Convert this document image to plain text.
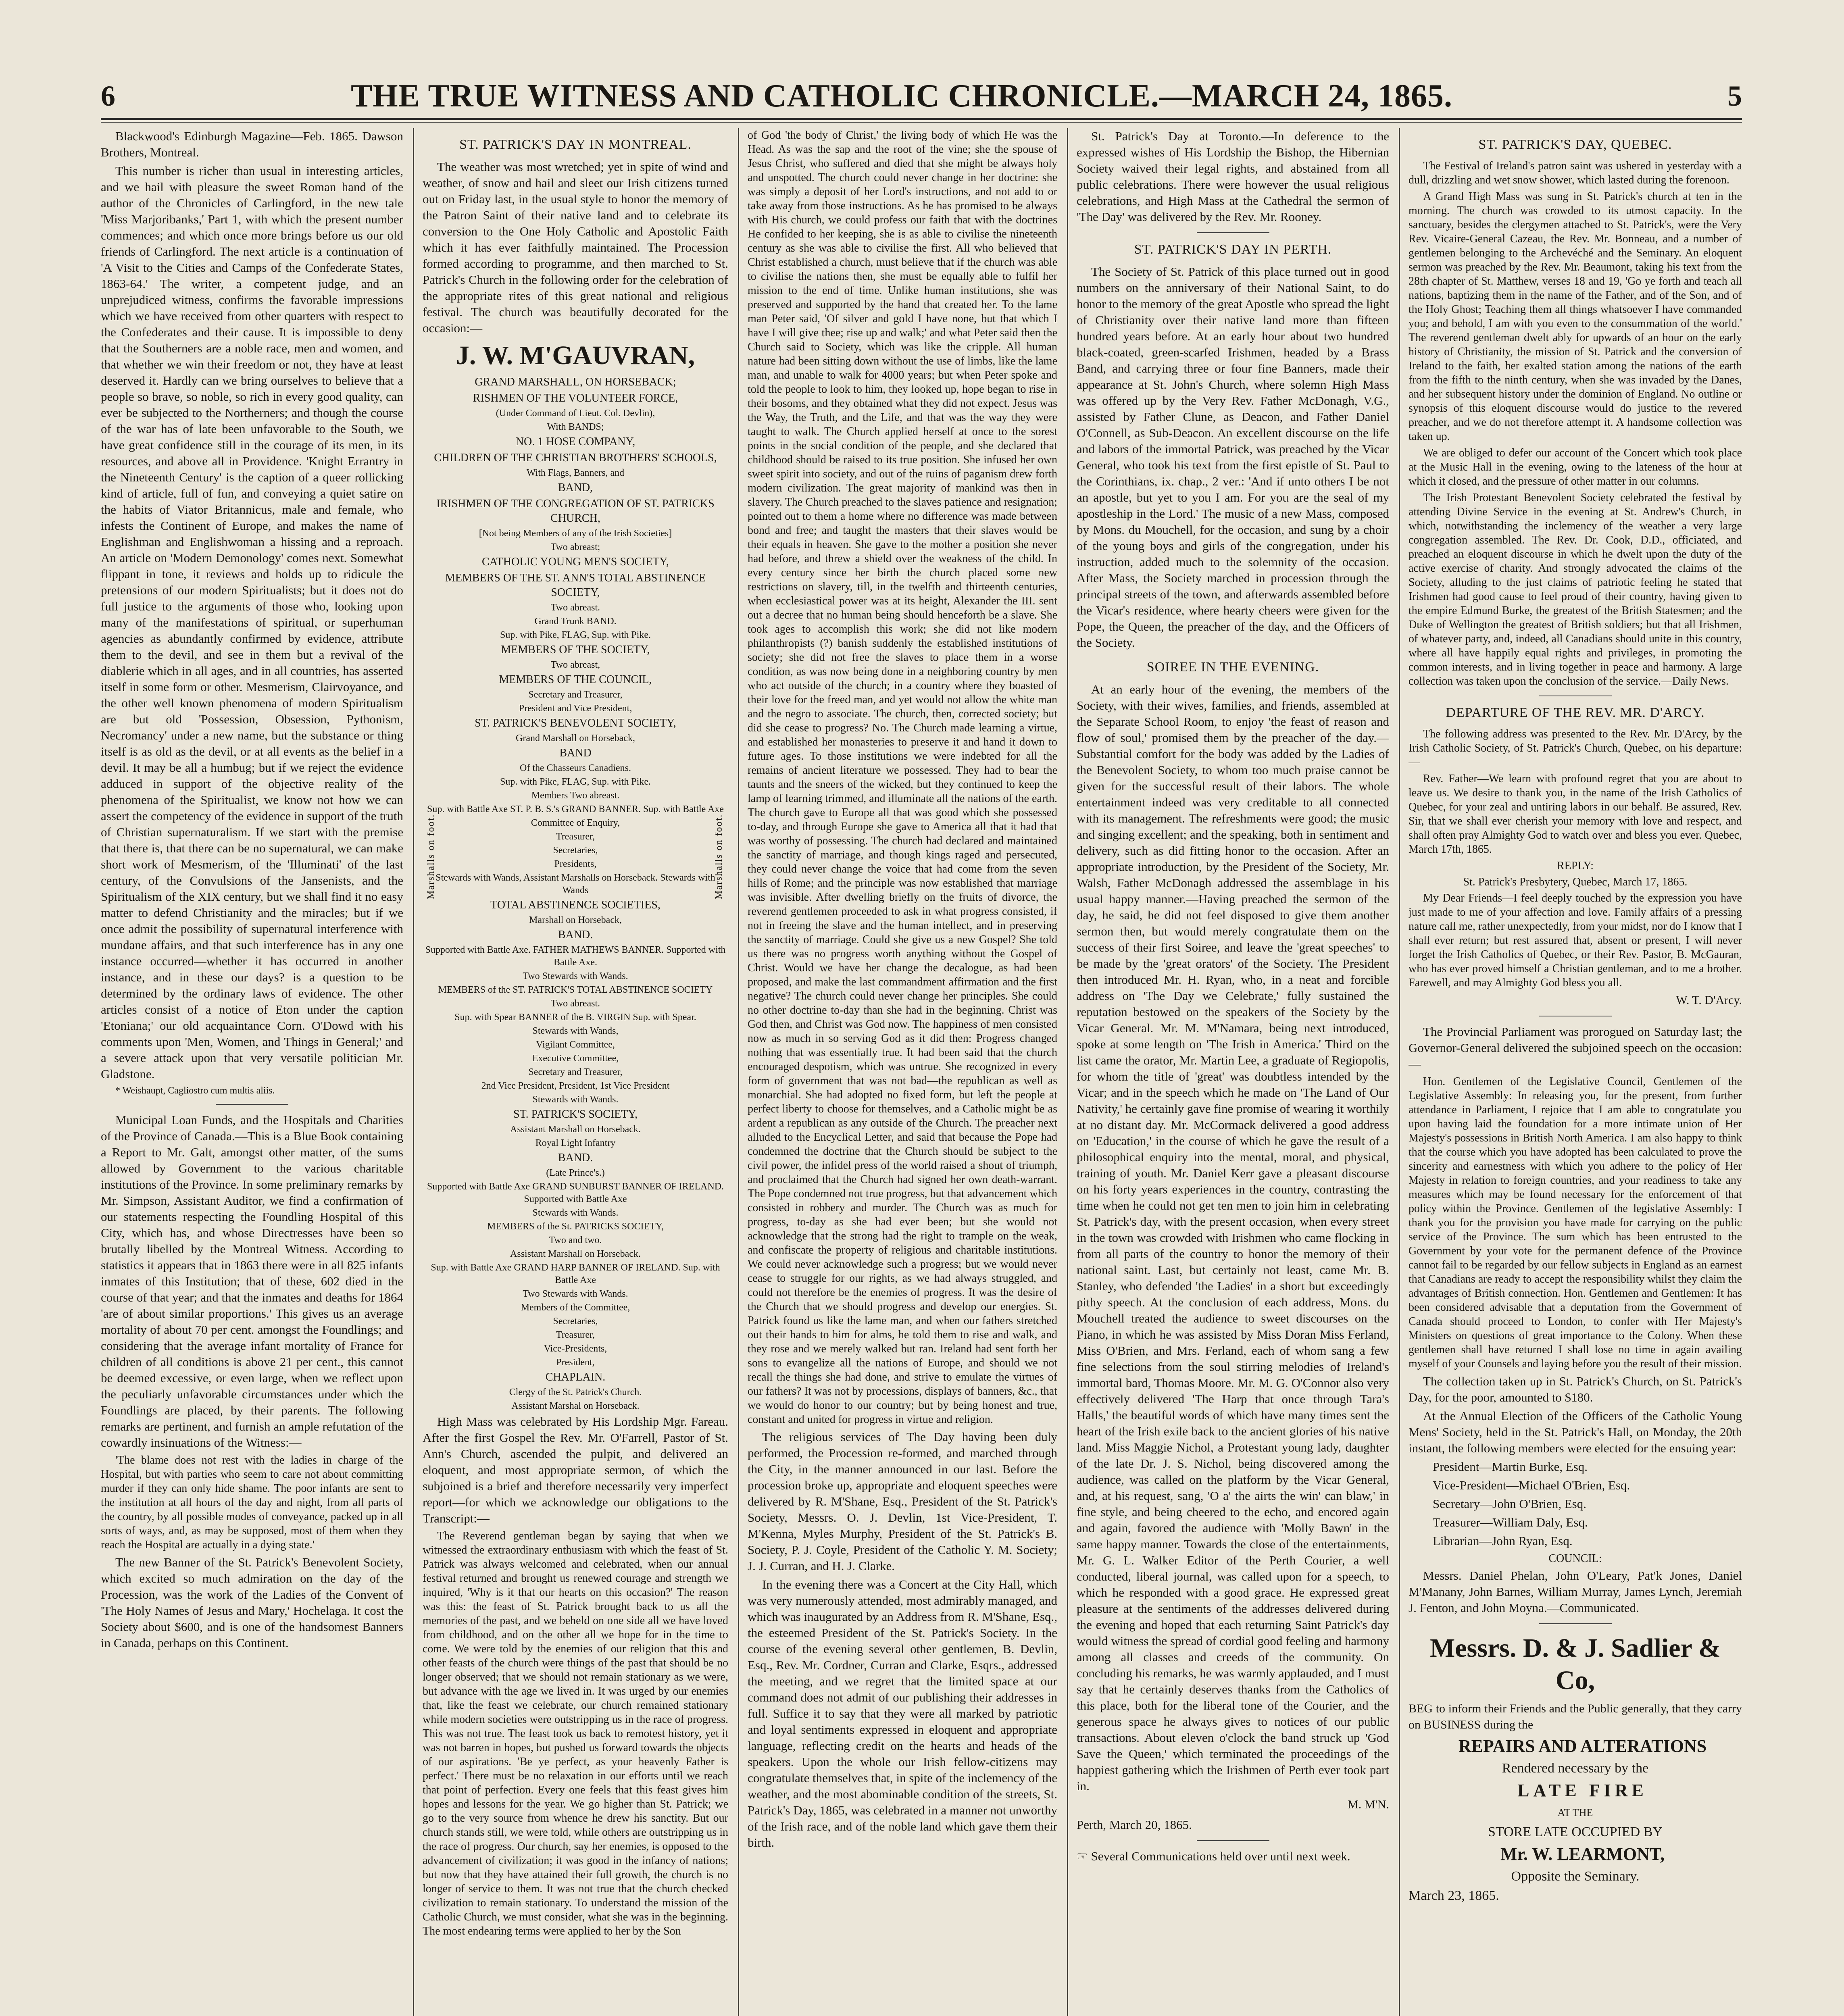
6	THE TRUE WITNESS AND CATHOLIC CHRONICLE.—MARCH 24, 1865.	5

Blackwood's Edinburgh Magazine—Feb. 1865. Dawson Brothers, Montreal.

This number is richer than usual in interesting articles, and we hail with pleasure the sweet Roman hand of the author of the Chronicles of Carlingford, in the new tale 'Miss Marjoribanks,' Part 1, with which the present number commences; and which once more brings before us our old friends of Carlingford. The next article is a continuation of 'A Visit to the Cities and Camps of the Confederate States, 1863-64.' The writer, a competent judge, and an unprejudiced witness, confirms the favorable impressions which we have received from other quarters with respect to the Confederates and their cause. It is impossible to deny that the Southerners are a noble race, men and women, and that whether we win their freedom or not, they have at least deserved it. Hardly can we bring ourselves to believe that a people so brave, so noble, so rich in every good quality, can ever be subjected to the Northerners; and though the course of the war has of late been unfavorable to the South, we have great confidence still in the courage of its men, in its resources, and above all in Providence. 'Knight Errantry in the Nineteenth Century' is the caption of a queer rollicking kind of article, full of fun, and conveying a quiet satire on the habits of Viator Britannicus, male and female, who infests the Continent of Europe, and makes the name of Englishman and Englishwoman a hissing and a reproach. An article on 'Modern Demonology' comes next. Somewhat flippant in tone, it reviews and holds up to ridicule the pretensions of our modern Spiritualists; but it does not do full justice to the arguments of those who, looking upon many of the manifestations of spiritual, or superhuman agencies as abundantly confirmed by evidence, attribute them to the devil, and see in them but a revival of the diablerie which in all ages, and in all countries, has asserted itself in some form or other. Mesmerism, Clairvoyance, and the other well known phenomena of modern Spiritualism are but old 'Possession, Obsession, Pythonism, Necromancy' under a new name, but the substance or thing itself is as old as the devil, or at all events as the belief in a devil. It may be all a humbug; but if we reject the evidence adduced in support of the objective reality of the phenomena of the Spiritualist, we know not how we can assert the competency of the evidence in support of the truth of Christian supernaturalism. If we start with the premise that there is, that there can be no supernatural, we can make short work of Mesmerism, of the 'Illuminati' of the last century, of the Convulsions of the Jansenists, and the Spiritualism of the XIX century, but we shall find it no easy matter to defend Christianity and the miracles; but if we once admit the possibility of supernatural interference with mundane affairs, and that such interference has in any one instance occurred—whether it has occurred in another instance, and in these our days? is a question to be determined by the ordinary laws of evidence. The other articles consist of a notice of Eton under the caption 'Etoniana;' our old acquaintance Corn. O'Dowd with his comments upon 'Men, Women, and Things in General;' and a severe attack upon that very versatile politician Mr. Gladstone.

* Weishaupt, Cagliostro cum multis aliis.

Municipal Loan Funds, and the Hospitals and Charities of the Province of Canada.—This is a Blue Book containing a Report to Mr. Galt, amongst other matter, of the sums allowed by Government to the various charitable institutions of the Province. In some preliminary remarks by Mr. Simpson, Assistant Auditor, we find a confirmation of our statements respecting the Foundling Hospital of this City, which has, and whose Directresses have been so brutally libelled by the Montreal Witness. According to statistics it appears that in 1863 there were in all 825 infants inmates of this Institution; that of these, 602 died in the course of that year; and that the inmates and deaths for 1864 'are of about similar proportions.' This gives us an average mortality of about 70 per cent. amongst the Foundlings; and considering that the average infant mortality of France for children of all conditions is above 21 per cent., this cannot be deemed excessive, or even large, when we reflect upon the peculiarly unfavorable circumstances under which the Foundlings are placed, by their parents. The following remarks are pertinent, and furnish an ample refutation of the cowardly insinuations of the Witness:—

'The blame does not rest with the ladies in charge of the Hospital, but with parties who seem to care not about committing murder if they can only hide shame. The poor infants are sent to the institution at all hours of the day and night, from all parts of the country, by all possible modes of conveyance, packed up in all sorts of ways, and, as may be supposed, most of them when they reach the Hospital are actually in a dying state.'

The new Banner of the St. Patrick's Benevolent Society, which excited so much admiration on the day of the Procession, was the work of the Ladies of the Convent of 'The Holy Names of Jesus and Mary,' Hochelaga. It cost the Society about $600, and is one of the handsomest Banners in Canada, perhaps on this Continent.

ST. PATRICK'S DAY IN MONTREAL.

The weather was most wretched; yet in spite of wind and weather, of snow and hail and sleet our Irish citizens turned out on Friday last, in the usual style to honor the memory of the Patron Saint of their native land and to celebrate its conversion to the One Holy Catholic and Apostolic Faith which it has ever faithfully maintained. The Procession formed according to programme, and then marched to St. Patrick's Church in the following order for the celebration of the appropriate rites of this great national and religious festival. The church was beautifully decorated for the occasion:—

J. W. M'GAUVRAN,
Marshalls on foot.	Marshalls on foot.

GRAND MARSHALL, ON HORSEBACK;

RISHMEN OF THE VOLUNTEER FORCE,

(Under Command of Lieut. Col. Devlin),

With BANDS;

NO. 1 HOSE COMPANY,

CHILDREN OF THE CHRISTIAN BROTHERS' SCHOOLS,

With Flags, Banners, and

BAND,

IRISHMEN OF THE CONGREGATION OF ST. PATRICKS CHURCH,

[Not being Members of any of the Irish Societies]

Two abreast;

CATHOLIC YOUNG MEN'S SOCIETY,

MEMBERS OF THE ST. ANN'S TOTAL ABSTINENCE SOCIETY,

Two abreast.

Grand Trunk BAND.

Sup. with Pike, FLAG, Sup. with Pike.

MEMBERS OF THE SOCIETY,

Two abreast,

MEMBERS OF THE COUNCIL,

Secretary and Treasurer,

President and Vice President,

ST. PATRICK'S BENEVOLENT SOCIETY,

Grand Marshall on Horseback,

BAND

Of the Chasseurs Canadiens.

Sup. with Pike, FLAG, Sup. with Pike.

Members Two abreast.

Sup. with Battle Axe ST. P. B. S.'s GRAND BANNER. Sup. with Battle Axe

Committee of Enquiry,

Treasurer,

Secretaries,

Presidents,

Stewards with Wands, Assistant Marshalls on Horseback. Stewards with Wands

TOTAL ABSTINENCE SOCIETIES,

Marshall on Horseback,

BAND.

Supported with Battle Axe. FATHER MATHEWS BANNER. Supported with Battle Axe.

Two Stewards with Wands.

MEMBERS of the ST. PATRICK'S TOTAL ABSTINENCE SOCIETY

Two abreast.

Sup. with Spear BANNER of the B. VIRGIN Sup. with Spear.

Stewards with Wands,

Vigilant Committee,

Executive Committee,

Secretary and Treasurer,

2nd Vice President, President, 1st Vice President

Stewards with Wands.

ST. PATRICK'S SOCIETY,

Assistant Marshall on Horseback.

Royal Light Infantry

BAND.

(Late Prince's.)

Supported with Battle Axe GRAND SUNBURST BANNER OF IRELAND. Supported with Battle Axe

Stewards with Wands.

MEMBERS of the St. PATRICKS SOCIETY,

Two and two.

Assistant Marshall on Horseback.

Sup. with Battle Axe GRAND HARP BANNER OF IRELAND. Sup. with Battle Axe

Two Stewards with Wands.

Members of the Committee,

Secretaries,

Treasurer,

Vice-Presidents,

President,

CHAPLAIN.

Clergy of the St. Patrick's Church.

Assistant Marshal on Horseback.

High Mass was celebrated by His Lordship Mgr. Fareau. After the first Gospel the Rev. Mr. O'Farrell, Pastor of St. Ann's Church, ascended the pulpit, and delivered an eloquent, and most appropriate sermon, of which the subjoined is a brief and therefore necessarily very imperfect report—for which we acknowledge our obligations to the Transcript:—

The Reverend gentleman began by saying that when we witnessed the extraordinary enthusiasm with which the feast of St. Patrick was always welcomed and celebrated, when our annual festival returned and brought us renewed courage and strength we inquired, 'Why is it that our hearts on this occasion?' The reason was this: the feast of St. Patrick brought back to us all the memories of the past, and we beheld on one side all we have loved from childhood, and on the other all we hope for in the time to come. We were told by the enemies of our religion that this and other feasts of the church were things of the past that should be no longer observed; that we should not remain stationary as we were, but advance with the age we lived in. It was urged by our enemies that, like the feast we celebrate, our church remained stationary while modern societies were outstripping us in the race of progress. This was not true. The feast took us back to remotest history, yet it was not barren in hopes, but pushed us forward towards the objects of our aspirations. 'Be ye perfect, as your heavenly Father is perfect.' There must be no relaxation in our efforts until we reach that point of perfection. Every one feels that this feast gives him hopes and lessons for the year. We go higher than St. Patrick; we go to the very source from whence he drew his sanctity. But our church stands still, we were told, while others are outstripping us in the race of progress. Our church, say her enemies, is opposed to the advancement of civilization; it was good in the infancy of nations; but now that they have attained their full growth, the church is no longer of service to them. It was not true that the church checked civilization to remain stationary. To understand the mission of the Catholic Church, we must consider, what she was in the beginning. The most endearing terms were applied to her by the Son

of God 'the body of Christ,' the living body of which He was the Head. As was the sap and the root of the vine; she the spouse of Jesus Christ, who suffered and died that she might be always holy and unspotted. The church could never change in her doctrine: she was simply a deposit of her Lord's instructions, and not add to or take away from those instructions. As he has promised to be always with His church, we could profess our faith that with the doctrines He confided to her keeping, she is as able to civilise the nineteenth century as she was able to civilise the first. All who believed that Christ established a church, must believe that if the church was able to civilise the nations then, she must be equally able to fulfil her mission to the end of time. Unlike human institutions, she was preserved and supported by the hand that created her. To the lame man Peter said, 'Of silver and gold I have none, but that which I have I will give thee; rise up and walk;' and what Peter said then the Church said to Society, which was like the cripple. All human nature had been sitting down without the use of limbs, like the lame man, and unable to walk for 4000 years; but when Peter spoke and told the people to look to him, they looked up, hope began to rise in their bosoms, and they obtained what they did not expect. Jesus was the Way, the Truth, and the Life, and that was the way they were taught to walk. The Church applied herself at once to the sorest points in the social condition of the people, and she declared that childhood should be raised to its true position. She infused her own sweet spirit into society, and out of the ruins of paganism drew forth modern civilization. The great majority of mankind was then in slavery. The Church preached to the slaves patience and resignation; pointed out to them a home where no difference was made between bond and free; and taught the masters that their slaves would be their equals in heaven. She gave to the mother a position she never had before, and threw a shield over the weakness of the child. In every century since her birth the church placed some new restrictions on slavery, till, in the twelfth and thirteenth centuries, when ecclesiastical power was at its height, Alexander the III. sent out a decree that no human being should henceforth be a slave. She took ages to accomplish this work; she did not like modern philanthropists (?) banish suddenly the established institutions of society; she did not free the slaves to place them in a worse condition, as was now being done in a neighboring country by men who act outside of the church; in a country where they boasted of their love for the freed man, and yet would not allow the white man and the negro to associate. The church, then, corrected society; but did she cease to progress? No. The Church made learning a virtue, and established her monasteries to preserve it and hand it down to future ages. To those institutions we were indebted for all the remains of ancient literature we possessed. They had to bear the taunts and the sneers of the wicked, but they continued to keep the lamp of learning trimmed, and illuminate all the nations of the earth. The church gave to Europe all that was good which she possessed to-day, and through Europe she gave to America all that it had that was worthy of possessing. The church had declared and maintained the sanctity of marriage, and though kings raged and persecuted, they could never change the voice that had come from the seven hills of Rome; and the principle was now established that marriage was invisible. After dwelling briefly on the fruits of divorce, the reverend gentlemen proceeded to ask in what progress consisted, if not in freeing the slave and the human intellect, and in preserving the sanctity of marriage. Could she give us a new Gospel? She told us there was no progress worth anything without the Gospel of Christ. Would we have her change the decalogue, as had been proposed, and make the last commandment affirmation and the first negative? The church could never change her principles. She could no other doctrine to-day than she had in the beginning. Christ was God then, and Christ was God now. The happiness of men consisted now as much in so serving God as it did then: Progress changed nothing that was essentially true. It had been said that the church encouraged despotism, which was untrue. She recognized in every form of government that was not bad—the republican as well as monarchial. She had adopted no fixed form, but left the people at perfect liberty to choose for themselves, and a Catholic might be as ardent a republican as any outside of the Church. The preacher next alluded to the Encyclical Letter, and said that because the Pope had condemned the doctrine that the Church should be subject to the civil power, the infidel press of the world raised a shout of triumph, and proclaimed that the Church had signed her own death-warrant. The Pope condemned not true progress, but that advancement which consisted in robbery and murder. The Church was as much for progress, to-day as she had ever been; but she would not acknowledge that the strong had the right to trample on the weak, and confiscate the property of religious and charitable institutions. We could never acknowledge such a progress; but we would never cease to struggle for our rights, as we had always struggled, and could not therefore be the enemies of progress. It was the desire of the Church that we should progress and develop our energies. St. Patrick found us like the lame man, and when our fathers stretched out their hands to him for alms, he told them to rise and walk, and they rose and we merely walked but ran. Ireland had sent forth her sons to evangelize all the nations of Europe, and should we not recall the things she had done, and strive to emulate the virtues of our fathers? It was not by processions, displays of banners, &c., that we would do honor to our country; but by being honest and true, constant and united for progress in virtue and religion.

The religious services of The Day having been duly performed, the Procession re-formed, and marched through the City, in the manner announced in our last. Before the procession broke up, appropriate and eloquent speeches were delivered by R. M'Shane, Esq., President of the St. Patrick's Society, Messrs. O. J. Devlin, 1st Vice-President, T. M'Kenna, Myles Murphy, President of the St. Patrick's B. Society, P. J. Coyle, President of the Catholic Y. M. Society; J. J. Curran, and H. J. Clarke.

In the evening there was a Concert at the City Hall, which was very numerously attended, most admirably managed, and which was inaugurated by an Address from R. M'Shane, Esq., the esteemed President of the St. Patrick's Society. In the course of the evening several other gentlemen, B. Devlin, Esq., Rev. Mr. Cordner, Curran and Clarke, Esqrs., addressed the meeting, and we regret that the limited space at our command does not admit of our publishing their addresses in full. Suffice it to say that they were all marked by patriotic and loyal sentiments expressed in eloquent and appropriate language, reflecting credit on the hearts and heads of the speakers. Upon the whole our Irish fellow-citizens may congratulate themselves that, in spite of the inclemency of the weather, and the most abominable condition of the streets, St. Patrick's Day, 1865, was celebrated in a manner not unworthy of the Irish race, and of the noble land which gave them their birth.

St. Patrick's Day at Toronto.—In deference to the expressed wishes of His Lordship the Bishop, the Hibernian Society waived their legal rights, and abstained from all public celebrations. There were however the usual religious celebrations, and High Mass at the Cathedral the sermon of 'The Day' was delivered by the Rev. Mr. Rooney.

ST. PATRICK'S DAY IN PERTH.

The Society of St. Patrick of this place turned out in good numbers on the anniversary of their National Saint, to do honor to the memory of the great Apostle who spread the light of Christianity over their native land more than fifteen hundred years before. At an early hour about two hundred black-coated, green-scarfed Irishmen, headed by a Brass Band, and carrying three or four fine Banners, made their appearance at St. John's Church, where solemn High Mass was offered up by the Very Rev. Father McDonagh, V.G., assisted by Father Clune, as Deacon, and Father Daniel O'Connell, as Sub-Deacon. An excellent discourse on the life and labors of the immortal Patrick, was preached by the Vicar General, who took his text from the first epistle of St. Paul to the Corinthians, ix. chap., 2 ver.: 'And if unto others I be not an apostle, but yet to you I am. For you are the seal of my apostleship in the Lord.' The music of a new Mass, composed by Mons. du Mouchell, for the occasion, and sung by a choir of the young boys and girls of the congregation, under his instruction, added much to the solemnity of the occasion. After Mass, the Society marched in procession through the principal streets of the town, and afterwards assembled before the Vicar's residence, where hearty cheers were given for the Pope, the Queen, the preacher of the day, and the Officers of the Society.

SOIREE IN THE EVENING.

At an early hour of the evening, the members of the Society, with their wives, families, and friends, assembled at the Separate School Room, to enjoy 'the feast of reason and flow of soul,' promised them by the preacher of the day.—Substantial comfort for the body was added by the Ladies of the Benevolent Society, to whom too much praise cannot be given for the successful result of their labors. The whole entertainment indeed was very creditable to all connected with its management. The refreshments were good; the music and singing excellent; and the speaking, both in sentiment and delivery, such as did fitting honor to the occasion. After an appropriate introduction, by the President of the Society, Mr. Walsh, Father McDonagh addressed the assemblage in his usual happy manner.—Having preached the sermon of the day, he said, he did not feel disposed to give them another sermon then, but would merely congratulate them on the success of their first Soiree, and leave the 'great speeches' to be made by the 'great orators' of the Society. The President then introduced Mr. H. Ryan, who, in a neat and forcible address on 'The Day we Celebrate,' fully sustained the reputation bestowed on the speakers of the Society by the Vicar General. Mr. M. M'Namara, being next introduced, spoke at some length on 'The Irish in America.' Third on the list came the orator, Mr. Martin Lee, a graduate of Regiopolis, for whom the title of 'great' was doubtless intended by the Vicar; and in the speech which he made on 'The Land of Our Nativity,' he certainly gave fine promise of wearing it worthily at no distant day. Mr. McCormack delivered a good address on 'Education,' in the course of which he gave the result of a philosophical enquiry into the mental, moral, and physical, training of youth. Mr. Daniel Kerr gave a pleasant discourse on his forty years experiences in the country, contrasting the time when he could not get ten men to join him in celebrating St. Patrick's day, with the present occasion, when every street in the town was crowded with Irishmen who came flocking in from all parts of the country to honor the memory of their national saint. Last, but certainly not least, came Mr. B. Stanley, who defended 'the Ladies' in a short but exceedingly pithy speech. At the conclusion of each address, Mons. du Mouchell treated the audience to sweet discourses on the Piano, in which he was assisted by Miss Doran Miss Ferland, Miss O'Brien, and Mrs. Ferland, each of whom sang a few fine selections from the soul stirring melodies of Ireland's immortal bard, Thomas Moore. Mr. M. G. O'Connor also very effectively delivered 'The Harp that once through Tara's Halls,' the beautiful words of which have many times sent the heart of the Irish exile back to the ancient glories of his native land. Miss Maggie Nichol, a Protestant young lady, daughter of the late Dr. J. S. Nichol, being discovered among the audience, was called on the platform by the Vicar General, and, at his request, sang, 'O a' the airts the win' can blaw,' in fine style, and being cheered to the echo, and encored again and again, favored the audience with 'Molly Bawn' in the same happy manner. Towards the close of the entertainments, Mr. G. L. Walker Editor of the Perth Courier, a well conducted, liberal journal, was called upon for a speech, to which he responded with a good grace. He expressed great pleasure at the sentiments of the addresses delivered during the evening and hoped that each returning Saint Patrick's day would witness the spread of cordial good feeling and harmony among all classes and creeds of the community. On concluding his remarks, he was warmly applauded, and I must say that he certainly deserves thanks from the Catholics of this place, both for the liberal tone of the Courier, and the generous space he always gives to notices of our public transactions. About eleven o'clock the band struck up 'God Save the Queen,' which terminated the proceedings of the happiest gathering which the Irishmen of Perth ever took part in.

M. M'N.

Perth, March 20, 1865.

☞ Several Communications held over until next week.

ST. PATRICK'S DAY, QUEBEC.

The Festival of Ireland's patron saint was ushered in yesterday with a dull, drizzling and wet snow shower, which lasted during the forenoon.

A Grand High Mass was sung in St. Patrick's church at ten in the morning. The church was crowded to its utmost capacity. In the sanctuary, besides the clergymen attached to St. Patrick's, were the Very Rev. Vicaire-General Cazeau, the Rev. Mr. Bonneau, and a number of gentlemen belonging to the Archevéché and the Seminary. An eloquent sermon was preached by the Rev. Mr. Beaumont, taking his text from the 28th chapter of St. Matthew, verses 18 and 19, 'Go ye forth and teach all nations, baptizing them in the name of the Father, and of the Son, and of the Holy Ghost; Teaching them all things whatsoever I have commanded you; and behold, I am with you even to the consummation of the world.' The reverend gentleman dwelt ably for upwards of an hour on the early history of Christianity, the mission of St. Patrick and the conversion of Ireland to the faith, her exalted station among the nations of the earth from the fifth to the ninth century, when she was invaded by the Danes, and her subsequent history under the dominion of England. No outline or synopsis of this eloquent discourse would do justice to the revered preacher, and we do not therefore attempt it. A handsome collection was taken up.

We are obliged to defer our account of the Concert which took place at the Music Hall in the evening, owing to the lateness of the hour at which it closed, and the pressure of other matter in our columns.

The Irish Protestant Benevolent Society celebrated the festival by attending Divine Service in the evening at St. Andrew's Church, in which, notwithstanding the inclemency of the weather a very large congregation assembled. The Rev. Dr. Cook, D.D., officiated, and preached an eloquent discourse in which he dwelt upon the duty of the active exercise of charity. And strongly advocated the claims of the Society, alluding to the just claims of patriotic feeling he stated that Irishmen had good cause to feel proud of their country, having given to the empire Edmund Burke, the greatest of the British Statesmen; and the Duke of Wellington the greatest of British soldiers; but that all Irishmen, of whatever party, and, indeed, all Canadians should unite in this country, where all have happily equal rights and privileges, in promoting the common interests, and in living together in peace and harmony. A large collection was taken upon the conclusion of the service.—Daily News.

DEPARTURE OF THE REV. MR. D'ARCY.

The following address was presented to the Rev. Mr. D'Arcy, by the Irish Catholic Society, of St. Patrick's Church, Quebec, on his departure:—

Rev. Father—We learn with profound regret that you are about to leave us. We desire to thank you, in the name of the Irish Catholics of Quebec, for your zeal and untiring labors in our behalf. Be assured, Rev. Sir, that we shall ever cherish your memory with love and respect, and shall often pray Almighty God to watch over and bless you ever. Quebec, March 17th, 1865.

REPLY:

St. Patrick's Presbytery, Quebec, March 17, 1865.

My Dear Friends—I feel deeply touched by the expression you have just made to me of your affection and love. Family affairs of a pressing nature call me, rather unexpectedly, from your midst, nor do I know that I shall ever return; but rest assured that, absent or present, I will never forget the Irish Catholics of Quebec, or their Rev. Pastor, B. McGauran, who has ever proved himself a Christian gentleman, and to me a brother. Farewell, and may Almighty God bless you all.

W. T. D'Arcy.

The Provincial Parliament was prorogued on Saturday last; the Governor-General delivered the subjoined speech on the occasion:—

Hon. Gentlemen of the Legislative Council, Gentlemen of the Legislative Assembly: In releasing you, for the present, from further attendance in Parliament, I rejoice that I am able to congratulate you upon having laid the foundation for a more intimate union of Her Majesty's possessions in British North America. I am also happy to think that the course which you have adopted has been calculated to prove the sincerity and earnestness with which you adhere to the policy of Her Majesty in relation to foreign countries, and your readiness to take any measures which may be found necessary for the enforcement of that policy within the Province. Gentlemen of the legislative Assembly: I thank you for the provision you have made for carrying on the public service of the Province. The sum which has been entrusted to the Government by your vote for the permanent defence of the Province cannot fail to be regarded by our fellow subjects in England as an earnest that Canadians are ready to accept the responsibility whilst they claim the advantages of British connection. Hon. Gentlemen and Gentlemen: It has been considered advisable that a deputation from the Government of Canada should proceed to London, to confer with Her Majesty's Ministers on questions of great importance to the Colony. When these gentlemen shall have returned I shall lose no time in again availing myself of your Counsels and laying before you the result of their mission.

The collection taken up in St. Patrick's Church, on St. Patrick's Day, for the poor, amounted to $180.

At the Annual Election of the Officers of the Catholic Young Mens' Society, held in the St. Patrick's Hall, on Monday, the 20th instant, the following members were elected for the ensuing year:

President—Martin Burke, Esq.

Vice-President—Michael O'Brien, Esq.

Secretary—John O'Brien, Esq.

Treasurer—William Daly, Esq.

Librarian—John Ryan, Esq.

COUNCIL:

Messrs. Daniel Phelan, John O'Leary, Pat'k Jones, Daniel M'Manany, John Barnes, William Murray, James Lynch, Jeremiah J. Fenton, and John Moyna.—Communicated.

Messrs. D. & J. Sadlier & Co,

BEG to inform their Friends and the Public generally, that they carry on BUSINESS during the

REPAIRS AND ALTERATIONS

Rendered necessary by the

LATE FIRE

AT THE

STORE LATE OCCUPIED BY

Mr. W. LEARMONT,

Opposite the Seminary.

March 23, 1865.
